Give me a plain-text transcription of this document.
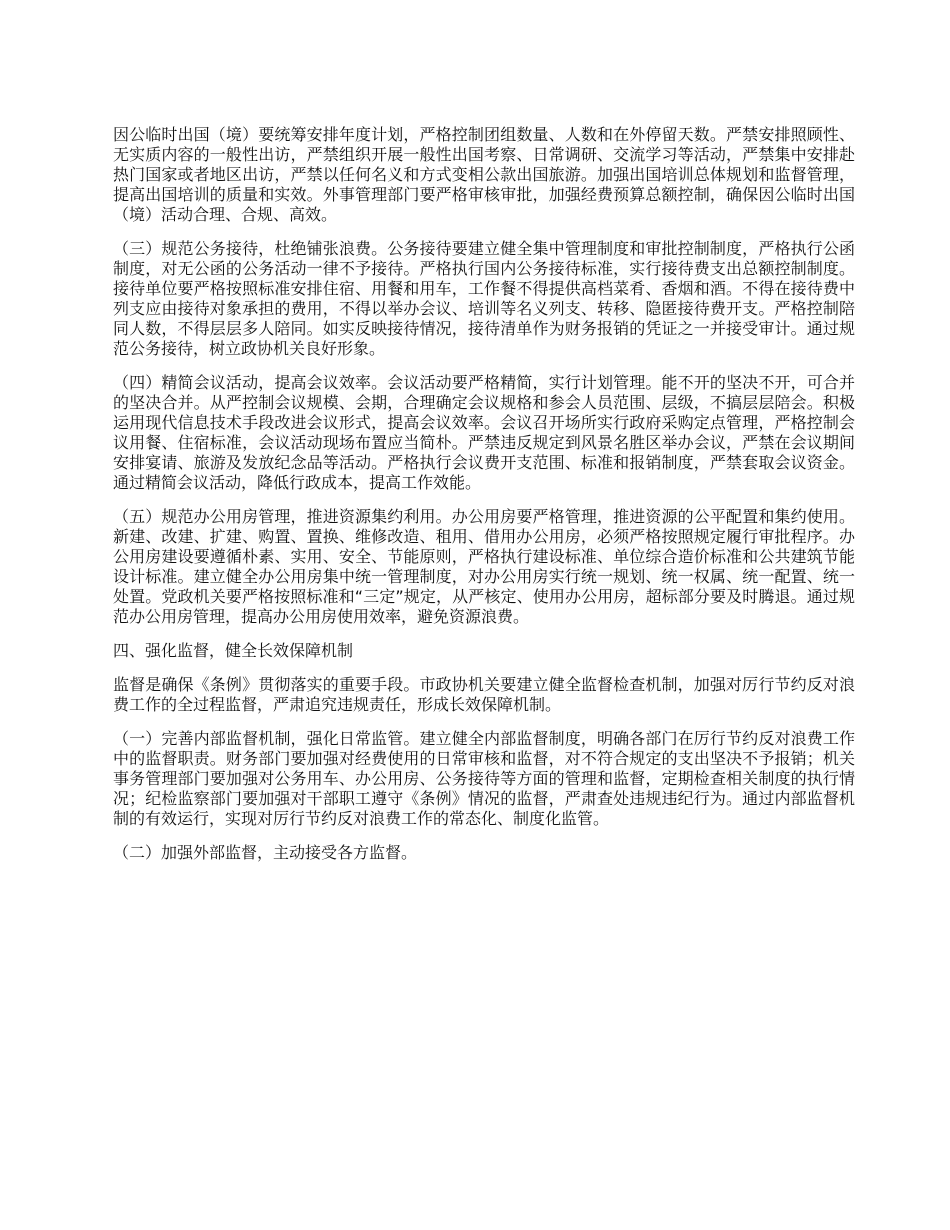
因公临时出国（境）要统筹安排年度计划，严格控制团组数量、人数和在外停留天数。严禁安排照顾性、无实质内容的一般性出访，严禁组织开展一般性出国考察、日常调研、交流学习等活动，严禁集中安排赴热门国家或者地区出访，严禁以任何名义和方式变相公款出国旅游。加强出国培训总体规划和监督管理，提高出国培训的质量和实效。外事管理部门要严格审核审批，加强经费预算总额控制，确保因公临时出国（境）活动合理、合规、高效。

（三）规范公务接待，杜绝铺张浪费。公务接待要建立健全集中管理制度和审批控制制度，严格执行公函制度，对无公函的公务活动一律不予接待。严格执行国内公务接待标准，实行接待费支出总额控制制度。接待单位要严格按照标准安排住宿、用餐和用车，工作餐不得提供高档菜肴、香烟和酒。不得在接待费中列支应由接待对象承担的费用，不得以举办会议、培训等名义列支、转移、隐匿接待费开支。严格控制陪同人数，不得层层多人陪同。如实反映接待情况，接待清单作为财务报销的凭证之一并接受审计。通过规范公务接待，树立政协机关良好形象。

（四）精简会议活动，提高会议效率。会议活动要严格精简，实行计划管理。能不开的坚决不开，可合并的坚决合并。从严控制会议规模、会期，合理确定会议规格和参会人员范围、层级，不搞层层陪会。积极运用现代信息技术手段改进会议形式，提高会议效率。会议召开场所实行政府采购定点管理，严格控制会议用餐、住宿标准，会议活动现场布置应当简朴。严禁违反规定到风景名胜区举办会议，严禁在会议期间安排宴请、旅游及发放纪念品等活动。严格执行会议费开支范围、标准和报销制度，严禁套取会议资金。通过精简会议活动，降低行政成本，提高工作效能。

（五）规范办公用房管理，推进资源集约利用。办公用房要严格管理，推进资源的公平配置和集约使用。新建、改建、扩建、购置、置换、维修改造、租用、借用办公用房，必须严格按照规定履行审批程序。办公用房建设要遵循朴素、实用、安全、节能原则，严格执行建设标准、单位综合造价标准和公共建筑节能设计标准。建立健全办公用房集中统一管理制度，对办公用房实行统一规划、统一权属、统一配置、统一处置。党政机关要严格按照标准和“三定”规定，从严核定、使用办公用房，超标部分要及时腾退。通过规范办公用房管理，提高办公用房使用效率，避免资源浪费。

四、强化监督，健全长效保障机制

监督是确保《条例》贯彻落实的重要手段。市政协机关要建立健全监督检查机制，加强对厉行节约反对浪费工作的全过程监督，严肃追究违规责任，形成长效保障机制。

（一）完善内部监督机制，强化日常监管。建立健全内部监督制度，明确各部门在厉行节约反对浪费工作中的监督职责。财务部门要加强对经费使用的日常审核和监督，对不符合规定的支出坚决不予报销；机关事务管理部门要加强对公务用车、办公用房、公务接待等方面的管理和监督，定期检查相关制度的执行情况；纪检监察部门要加强对干部职工遵守《条例》情况的监督，严肃查处违规违纪行为。通过内部监督机制的有效运行，实现对厉行节约反对浪费工作的常态化、制度化监管。

（二）加强外部监督，主动接受各方监督。
